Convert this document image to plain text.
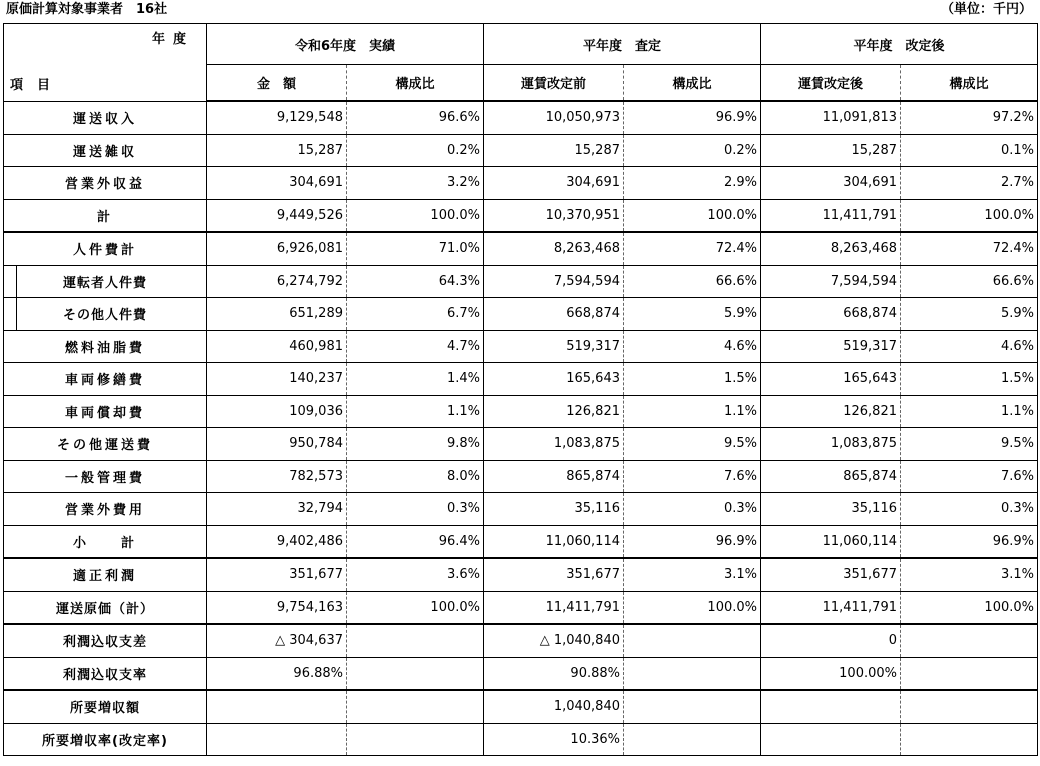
原価計算対象事業者　16社	（単位：千円）
年度
項目	令和6年度　実績		平年度　査定		平年度　改定後	
	金　額	構成比	運賃改定前	構成比	運賃改定後	構成比
運送収入	9,129,548	96.6%	10,050,973	96.9%	11,091,813	97.2%
運送雑収	15,287	0.2%	15,287	0.2%	15,287	0.1%
営業外収益	304,691	3.2%	304,691	2.9%	304,691	2.7%
計	9,449,526	100.0%	10,370,951	100.0%	11,411,791	100.0%
人件費計	6,926,081	71.0%	8,263,468	72.4%	8,263,468	72.4%
運転者人件費	6,274,792	64.3%	7,594,594	66.6%	7,594,594	66.6%
その他人件費	651,289	6.7%	668,874	5.9%	668,874	5.9%
燃料油脂費	460,981	4.7%	519,317	4.6%	519,317	4.6%
車両修繕費	140,237	1.4%	165,643	1.5%	165,643	1.5%
車両償却費	109,036	1.1%	126,821	1.1%	126,821	1.1%
その他運送費	950,784	9.8%	1,083,875	9.5%	1,083,875	9.5%
一般管理費	782,573	8.0%	865,874	7.6%	865,874	7.6%
営業外費用	32,794	0.3%	35,116	0.3%	35,116	0.3%
小　　計	9,402,486	96.4%	11,060,114	96.9%	11,060,114	96.9%
適正利潤	351,677	3.6%	351,677	3.1%	351,677	3.1%
運送原価（計）	9,754,163	100.0%	11,411,791	100.0%	11,411,791	100.0%
利潤込収支差	△ 304,637		△ 1,040,840		0	
利潤込収支率	96.88%		90.88%		100.00%	
所要増収額			1,040,840			
所要増収率(改定率)			10.36%			
